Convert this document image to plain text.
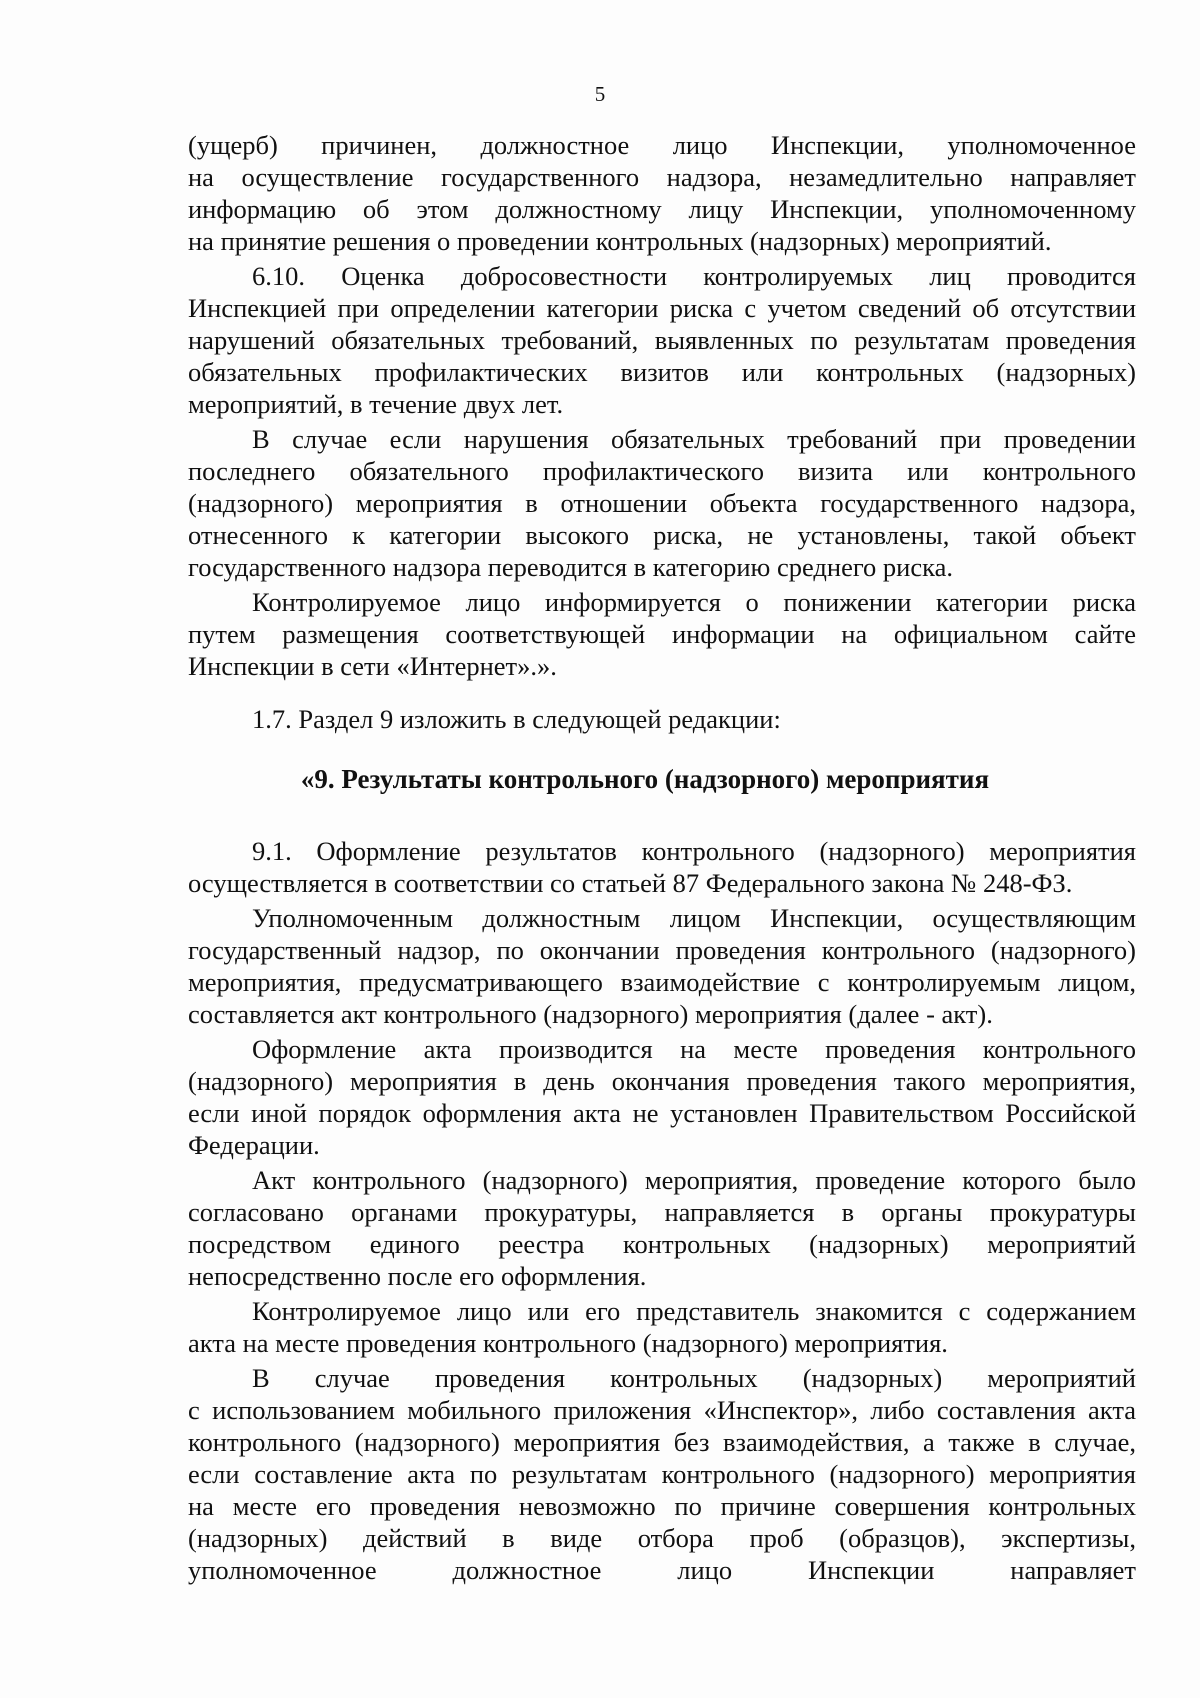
5
(ущерб) причинен, должностное лицо Инспекции, уполномоченное
на осуществление государственного надзора, незамедлительно направляет
информацию об этом должностному лицу Инспекции, уполномоченному
на принятие решения о проведении контрольных (надзорных) мероприятий.
6.10. Оценка добросовестности контролируемых лиц проводится
Инспекцией при определении категории риска с учетом сведений об отсутствии
нарушений обязательных требований, выявленных по результатам проведения
обязательных профилактических визитов или контрольных (надзорных)
мероприятий, в течение двух лет.
В случае если нарушения обязательных требований при проведении
последнего обязательного профилактического визита или контрольного
(надзорного) мероприятия в отношении объекта государственного надзора,
отнесенного к категории высокого риска, не установлены, такой объект
государственного надзора переводится в категорию среднего риска.
Контролируемое лицо информируется о понижении категории риска
путем размещения соответствующей информации на официальном сайте
Инспекции в сети «Интернет».».
1.7. Раздел 9 изложить в следующей редакции:
«9. Результаты контрольного (надзорного) мероприятия
9.1. Оформление результатов контрольного (надзорного) мероприятия
осуществляется в соответствии со статьей 87 Федерального закона № 248-ФЗ.
Уполномоченным должностным лицом Инспекции, осуществляющим
государственный надзор, по окончании проведения контрольного (надзорного)
мероприятия, предусматривающего взаимодействие с контролируемым лицом,
составляется акт контрольного (надзорного) мероприятия (далее - акт).
Оформление акта производится на месте проведения контрольного
(надзорного) мероприятия в день окончания проведения такого мероприятия,
если иной порядок оформления акта не установлен Правительством Российской
Федерации.
Акт контрольного (надзорного) мероприятия, проведение которого было
согласовано органами прокуратуры, направляется в органы прокуратуры
посредством единого реестра контрольных (надзорных) мероприятий
непосредственно после его оформления.
Контролируемое лицо или его представитель знакомится с содержанием
акта на месте проведения контрольного (надзорного) мероприятия.
В случае проведения контрольных (надзорных) мероприятий
с использованием мобильного приложения «Инспектор», либо составления акта
контрольного (надзорного) мероприятия без взаимодействия, а также в случае,
если составление акта по результатам контрольного (надзорного) мероприятия
на месте его проведения невозможно по причине совершения контрольных
(надзорных) действий в виде отбора проб (образцов), экспертизы,
уполномоченное должностное лицо Инспекции направляет
